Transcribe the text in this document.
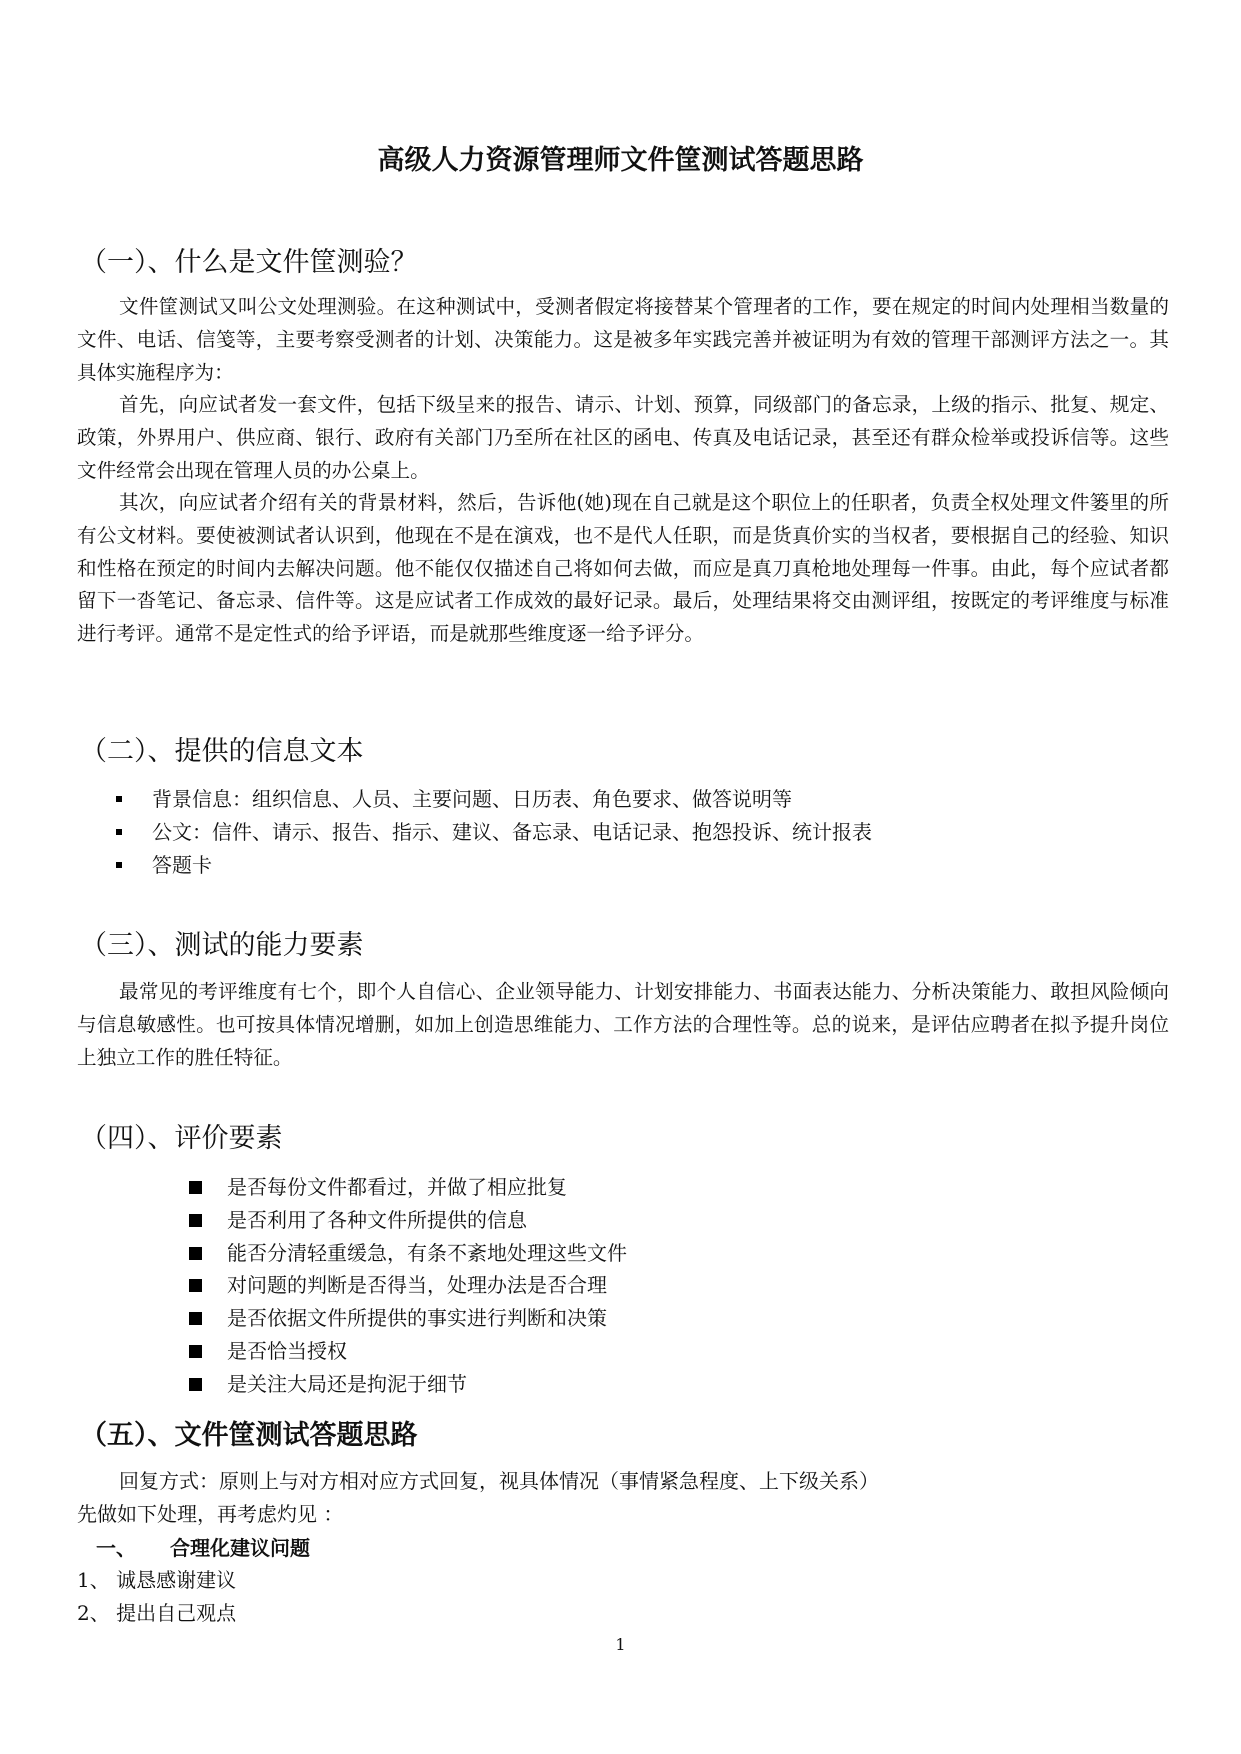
高级人力资源管理师文件筐测试答题思路
（一）、什么是文件筐测验？

文件筐测试又叫公文处理测验。在这种测试中，受测者假定将接替某个管理者的工作，要在规定的时间内处理相当数量的文件、电话、信笺等，主要考察受测者的计划、决策能力。这是被多年实践完善并被证明为有效的管理干部测评方法之一。其具体实施程序为：

首先，向应试者发一套文件，包括下级呈来的报告、请示、计划、预算，同级部门的备忘录，上级的指示、批复、规定、政策，外界用户、供应商、银行、政府有关部门乃至所在社区的函电、传真及电话记录，甚至还有群众检举或投诉信等。这些文件经常会出现在管理人员的办公桌上。

其次，向应试者介绍有关的背景材料，然后，告诉他(她)现在自己就是这个职位上的任职者，负责全权处理文件篓里的所有公文材料。要使被测试者认识到，他现在不是在演戏，也不是代人任职，而是货真价实的当权者，要根据自己的经验、知识和性格在预定的时间内去解决问题。他不能仅仅描述自己将如何去做，而应是真刀真枪地处理每一件事。由此，每个应试者都留下一沓笔记、备忘录、信件等。这是应试者工作成效的最好记录。最后，处理结果将交由测评组，按既定的考评维度与标准进行考评。通常不是定性式的给予评语，而是就那些维度逐一给予评分。

（二）、提供的信息文本
背景信息：组织信息、人员、主要问题、日历表、角色要求、做答说明等
公文：信件、请示、报告、指示、建议、备忘录、电话记录、抱怨投诉、统计报表
答题卡
（三）、测试的能力要素

最常见的考评维度有七个，即个人自信心、企业领导能力、计划安排能力、书面表达能力、分析决策能力、敢担风险倾向与信息敏感性。也可按具体情况增删，如加上创造思维能力、工作方法的合理性等。总的说来，是评估应聘者在拟予提升岗位上独立工作的胜任特征。

（四）、评价要素
是否每份文件都看过，并做了相应批复
是否利用了各种文件所提供的信息
能否分清轻重缓急，有条不紊地处理这些文件
对问题的判断是否得当，处理办法是否合理
是否依据文件所提供的事实进行判断和决策
是否恰当授权
是关注大局还是拘泥于细节
（五）、文件筐测试答题思路
回复方式：原则上与对方相对应方式回复，视具体情况（事情紧急程度、上下级关系）
先做如下处理，再考虑灼见 ：
一、 合理化建议问题
1、 诚恳感谢建议
2、 提出自己观点
1
